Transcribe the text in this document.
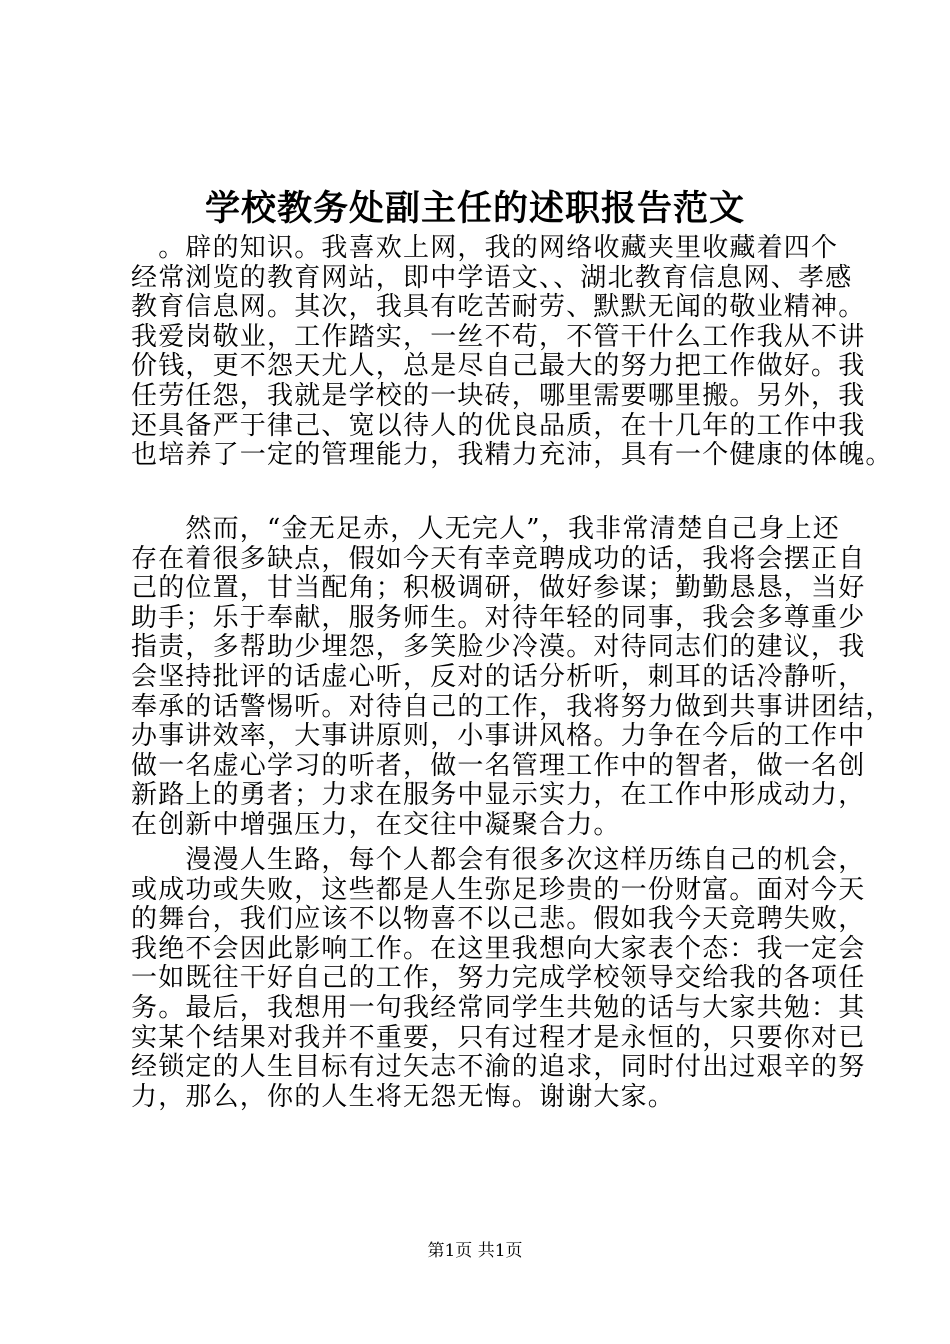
学校教务处副主任的述职报告范文
　。辟的知识。我喜欢上网，我的网络收藏夹里收藏着四个
经常浏览的教育网站，即中学语文、、湖北教育信息网、孝感
教育信息网。其次，我具有吃苦耐劳、默默无闻的敬业精神。
我爱岗敬业，工作踏实，一丝不苟，不管干什么工作我从不讲
价钱，更不怨天尤人，总是尽自己最大的努力把工作做好。我
任劳任怨，我就是学校的一块砖，哪里需要哪里搬。另外，我
还具备严于律己、宽以待人的优良品质，在十几年的工作中我
也培养了一定的管理能力，我精力充沛，具有一个健康的体魄。
　　然而，“金无足赤，人无完人”，我非常清楚自己身上还
存在着很多缺点，假如今天有幸竞聘成功的话，我将会摆正自
己的位置，甘当配角；积极调研，做好参谋；勤勤恳恳，当好
助手；乐于奉献，服务师生。对待年轻的同事，我会多尊重少
指责，多帮助少埋怨，多笑脸少冷漠。对待同志们的建议，我
会坚持批评的话虚心听，反对的话分析听，刺耳的话冷静听，
奉承的话警惕听。对待自己的工作，我将努力做到共事讲团结，
办事讲效率，大事讲原则，小事讲风格。力争在今后的工作中
做一名虚心学习的听者，做一名管理工作中的智者，做一名创
新路上的勇者；力求在服务中显示实力，在工作中形成动力，
在创新中增强压力，在交往中凝聚合力。
　　漫漫人生路，每个人都会有很多次这样历练自己的机会，
或成功或失败，这些都是人生弥足珍贵的一份财富。面对今天
的舞台，我们应该不以物喜不以己悲。假如我今天竞聘失败，
我绝不会因此影响工作。在这里我想向大家表个态：我一定会
一如既往干好自己的工作，努力完成学校领导交给我的各项任
务。最后，我想用一句我经常同学生共勉的话与大家共勉：其
实某个结果对我并不重要，只有过程才是永恒的，只要你对已
经锁定的人生目标有过矢志不渝的追求，同时付出过艰辛的努
力，那么，你的人生将无怨无悔。谢谢大家。
第1页 共1页
